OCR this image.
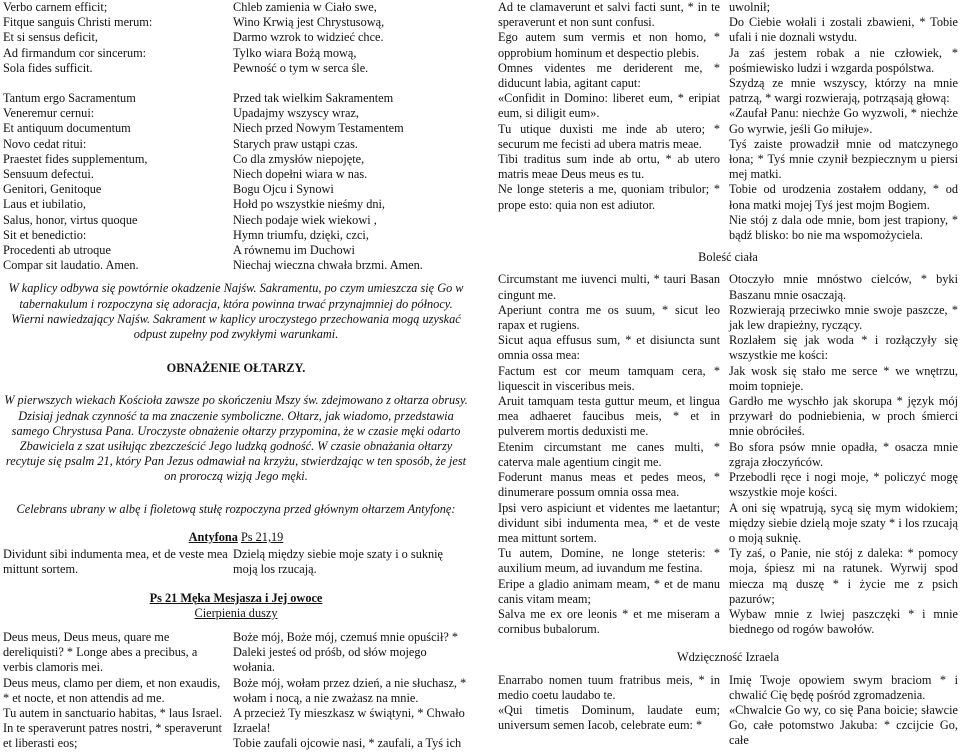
Verbo carnem efficit;

Fitque sanguis Christi merum:

Et si sensus deficit,

Ad firmandum cor sincerum:

Sola fides sufficit.

Chleb zamienia w Ciało swe,

Wino Krwią jest Chrystusową,

Darmo wzrok to widzieć chce.

Tylko wiara Bożą mową,

Pewność o tym w serca śle.

Tantum ergo Sacramentum

Veneremur cernui:

Et antiquum documentum

Novo cedat ritui:

Praestet fides supplementum,

Sensuum defectui.

Genitori, Genitoque

Laus et iubilatio,

Salus, honor, virtus quoque

Sit et benedictio:

Procedenti ab utroque

Compar sit laudatio. Amen.

Przed tak wielkim Sakramentem

Upadajmy wszyscy wraz,

Niech przed Nowym Testamentem

Starych praw ustąpi czas.

Co dla zmysłów niepojęte,

Niech dopełni wiara w nas.

Bogu Ojcu i Synowi

Hołd po wszystkie nieśmy dni,

Niech podaje wiek wiekowi ,

Hymn triumfu, dzięki, czci,

A równemu im Duchowi

Niechaj wieczna chwała brzmi. Amen.

W kaplicy odbywa się powtórnie okadzenie Najśw. Sakramentu, po czym umieszcza się Go w tabernakulum i rozpoczyna się adoracja, która powinna trwać przynajmniej do północy. Wierni nawiedzający Najśw. Sakrament w kaplicy uroczystego przechowania mogą uzyskać odpust zupełny pod zwykłymi warunkami.

OBNAŻENIE OŁTARZY.

W pierwszych wiekach Kościoła zawsze po skończeniu Mszy św. zdejmowano z ołtarza obrusy. Dzisiaj jednak czynność ta ma znaczenie symboliczne. Ołtarz, jak wiadomo, przedstawia samego Chrystusa Pana. Uroczyste obnażenie ołtarzy przypomina, że w czasie męki odarto Zbawiciela z szat usiłując zbezcześcić Jego ludzką godność. W czasie obnażania ołtarzy recytuje się psalm 21, który Pan Jezus odmawiał na krzyżu, stwierdzając w ten sposób, że jest on proroczą wizją Jego męki.

Celebrans ubrany w albę i fioletową stułę rozpoczyna przed głównym ołtarzem Antyfonę:

Antyfona Ps 21,19

Dividunt sibi indumenta mea, et de veste mea mittunt sortem.

Dzielą między siebie moje szaty i o suknię moją los rzucają.

Ps 21 Męka Mesjasza i Jej owoce

Cierpienia duszy

Deus meus, Deus meus, quare me dereliquisti? * Longe abes a precibus, a verbis clamoris mei.

Deus meus, clamo per diem, et non exaudis, * et nocte, et non attendis ad me.

Tu autem in sanctuario habitas, * laus Israel.

In te speraverunt patres nostri, * speraverunt et liberasti eos;

Boże mój, Boże mój, czemuś mnie opuścił? * Daleki jesteś od próśb, od słów mojego wołania.

Boże mój, wołam przez dzień, a nie słuchasz, * wołam i nocą, a nie zważasz na mnie.

A przecież Ty mieszkasz w świątyni, * Chwało Izraela!

Tobie zaufali ojcowie nasi, * zaufali, a Tyś ich

Ad te clamaverunt et salvi facti sunt, * in te speraverunt et non sunt confusi.

Ego autem sum vermis et non homo, * opprobium hominum et despectio plebis.

Omnes videntes me deriderent me, * diducunt labia, agitant caput:

«Confidit in Domino: liberet eum, * eripiat eum, si diligit eum».

Tu utique duxisti me inde ab utero; * securum me fecisti ad ubera matris meae.

Tibi traditus sum inde ab ortu, * ab utero matris meae Deus meus es tu.

Ne longe steteris a me, quoniam tribulor; * prope esto: quia non est adiutor.

uwolnił;

Do Ciebie wołali i zostali zbawieni, * Tobie ufali i nie doznali wstydu.

Ja zaś jestem robak a nie człowiek, * pośmiewisko ludzi i wzgarda pospólstwa.

Szydzą ze mnie wszyscy, którzy na mnie patrzą, * wargi rozwierają, potrząsają głową:

«Zaufał Panu: niechże Go wyzwoli, * niechże Go wyrwie, jeśli Go miłuje».

Tyś zaiste prowadził mnie od matczynego łona; * Tyś mnie czynił bezpiecznym u piersi mej matki.

Tobie od urodzenia zostałem oddany, * od łona matki mojej Tyś jest mojm Bogiem.

Nie stój z dala ode mnie, bom jest trapiony, * bądź blisko: bo nie ma wspomożyciela.

Boleść ciała

Circumstant me iuvenci multi, * tauri Basan cingunt me.

Aperiunt contra me os suum, * sicut leo rapax et rugiens.

Sicut aqua effusus sum, * et disiuncta sunt omnia ossa mea:

Factum est cor meum tamquam cera, * liquescit in visceribus meis.

Aruit tamquam testa guttur meum, et lingua mea adhaeret faucibus meis, * et in pulverem mortis deduxisti me.

Etenim circumstant me canes multi, * caterva male agentium cingit me.

Foderunt manus meas et pedes meos, * dinumerare possum omnia ossa mea.

Ipsi vero aspiciunt et videntes me laetantur; dividunt sibi indumenta mea, * et de veste mea mittunt sortem.

Tu autem, Domine, ne longe steteris: * auxilium meum, ad iuvandum me festina.

Eripe a gladio animam meam, * et de manu canis vitam meam;

Salva me ex ore leonis * et me miseram a cornibus bubalorum.

Otoczyło mnie mnóstwo cielców, * byki Baszanu mnie osaczają.

Rozwierają przeciwko mnie swoje paszcze, * jak lew drapieżny, ryczący.

Rozlałem się jak woda * i rozłączyły się wszystkie me kości:

Jak wosk się stało me serce * we wnętrzu, moim topnieje.

Gardło me wyschło jak skorupa * język mój przywarł do podniebienia, w proch śmierci mnie obróciłeś.

Bo sfora psów mnie opadła, * osacza mnie zgraja złoczyńców.

Przebodli ręce i nogi moje, * policzyć mogę wszystkie moje kości.

A oni się wpatrują, sycą się mym widokiem; między siebie dzielą moje szaty * i los rzucają o moją suknię.

Ty zaś, o Panie, nie stój z daleka: * pomocy moja, śpiesz mi na ratunek. Wyrwij spod miecza mą duszę * i życie me z psich pazurów;

Wybaw mnie z lwiej paszczęki * i mnie biednego od rogów bawołów.

Wdzięczność Izraela

Enarrabo nomen tuum fratribus meis, * in medio coetu laudabo te.

«Qui timetis Dominum, laudate eum; universum semen Iacob, celebrate eum: *

Imię Twoje opowiem swym braciom * i chwalić Cię będę pośród zgromadzenia.

«Chwalcie Go wy, co się Pana boicie; sławcie Go, całe potomstwo Jakuba: * czcijcie Go, całe
